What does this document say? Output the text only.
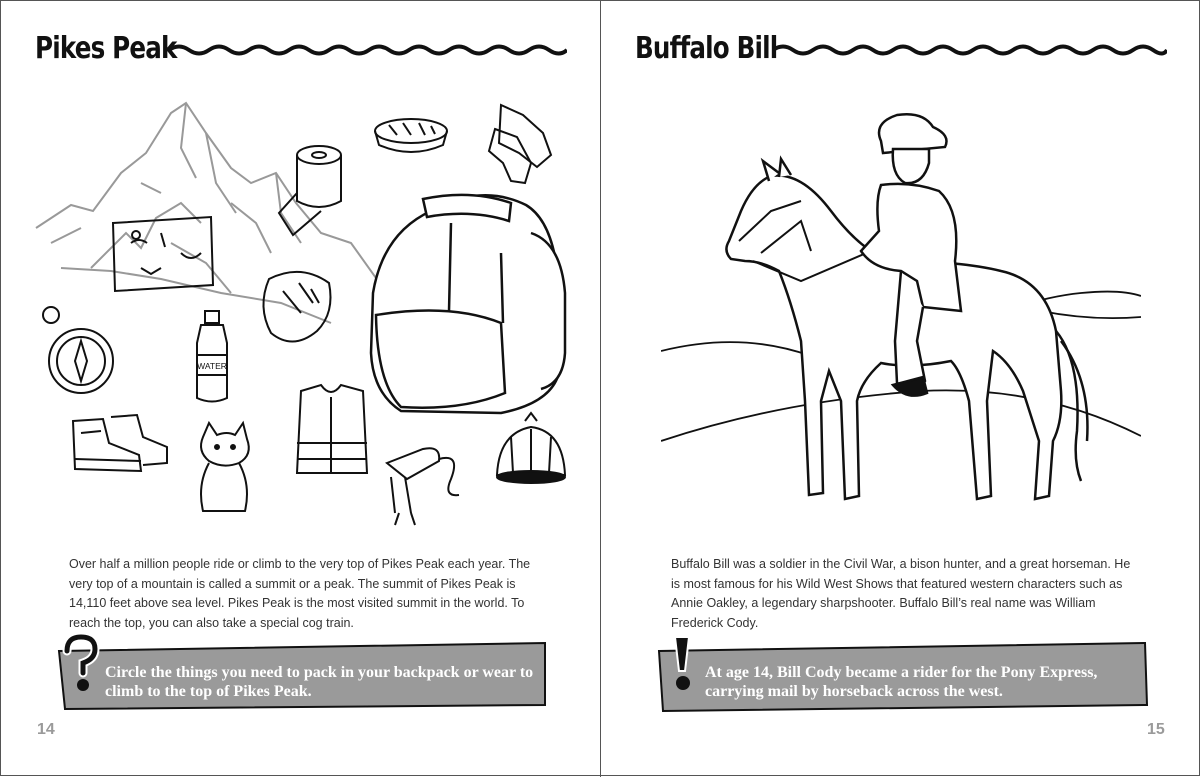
Pikes Peak
WATER
Over half a million people ride or climb to the very top of Pikes Peak each year. The very top of a mountain is called a summit or a peak. The summit of Pikes Peak is 14,110 feet above sea level. Pikes Peak is the most visited summit in the world. To reach the top, you can also take a special cog train.
Circle the things you need to pack in your backpack or wear to climb to the top of Pikes Peak.
14
Buffalo Bill
Buffalo Bill was a soldier in the Civil War, a bison hunter, and a great horseman. He is most famous for his Wild West Shows that featured western characters such as Annie Oakley, a legendary sharpshooter. Buffalo Bill’s real name was William Frederick Cody.
At age 14, Bill Cody became a rider for the Pony Express, carrying mail by horseback across the west.
15
